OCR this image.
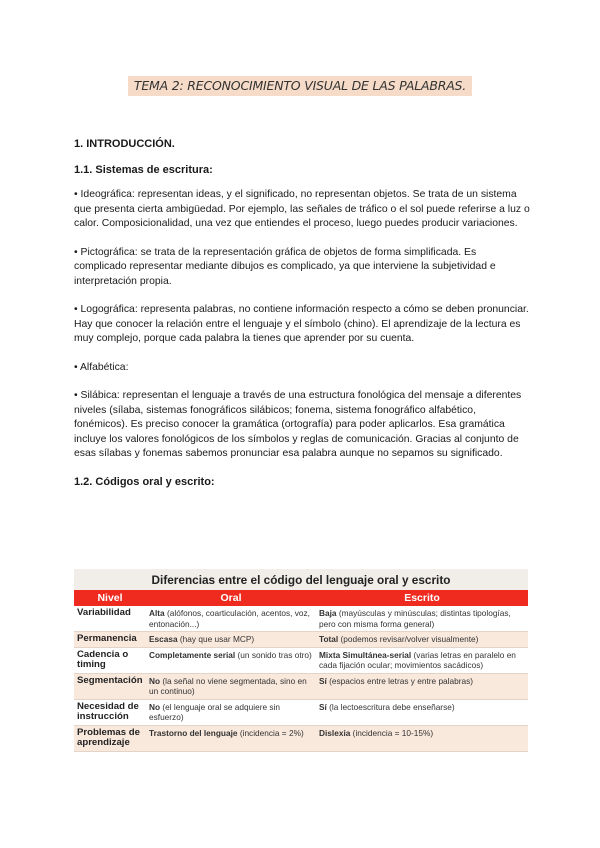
TEMA 2: RECONOCIMIENTO VISUAL DE LAS PALABRAS.
1. INTRODUCCIÓN.
1.1. Sistemas de escritura:

• Ideográfica: representan ideas, y el significado, no representan objetos. Se trata de un sistema que presenta cierta ambigüedad. Por ejemplo, las señales de tráfico o el sol puede referirse a luz o calor. Composicionalidad, una vez que entiendes el proceso, luego puedes producir variaciones.

• Pictográfica: se trata de la representación gráfica de objetos de forma simplificada. Es complicado representar mediante dibujos es complicado, ya que interviene la subjetividad e interpretación propia.

• Logográfica: representa palabras, no contiene información respecto a cómo se deben pronunciar. Hay que conocer la relación entre el lenguaje y el símbolo (chino). El aprendizaje de la lectura es muy complejo, porque cada palabra la tienes que aprender por su cuenta.

• Alfabética:

• Silábica: representan el lenguaje a través de una estructura fonológica del mensaje a diferentes niveles (sílaba, sistemas fonográficos silábicos; fonema, sistema fonográfico alfabético, fonémicos). Es preciso conocer la gramática (ortografía) para poder aplicarlos. Esa gramática incluye los valores fonológicos de los símbolos y reglas de comunicación. Gracias al conjunto de esas sílabas y fonemas sabemos pronunciar esa palabra aunque no sepamos su significado.

1.2. Códigos oral y escrito:
Diferencias entre el código del lenguaje oral y escrito
Nivel	Oral	Escrito
Variabilidad	Alta (alófonos, coarticulación, acentos, voz, entonación...)	Baja (mayúsculas y minúsculas; distintas tipologías, pero con misma forma general)
Permanencia	Escasa (hay que usar MCP)	Total (podemos revisar/volver visualmente)
Cadencia o timing	Completamente serial (un sonido tras otro)	Mixta Simultánea-serial (varias letras en paralelo en cada fijación ocular; movimientos sacádicos)
Segmentación	No (la señal no viene segmentada, sino en un continuo)	Sí (espacios entre letras y entre palabras)
Necesidad de instrucción	No (el lenguaje oral se adquiere sin esfuerzo)	Sí (la lectoescritura debe enseñarse)
Problemas de aprendizaje	Trastorno del lenguaje (incidencia = 2%)	Dislexia (incidencia = 10-15%)
